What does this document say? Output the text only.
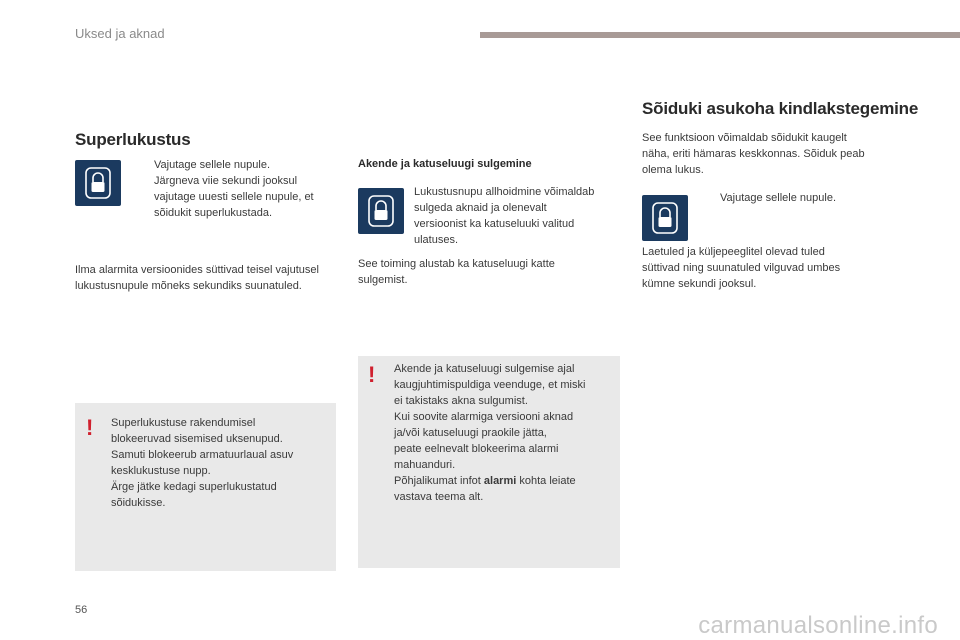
Uksed ja aknad
Superlukustus
Vajutage sellele nupule.
Järgneva viie sekundi jooksul vajutage uuesti sellele nupule, et sõidukit superlukustada.
Ilma alarmita versioonides süttivad teisel vajutusel lukustusnupule mõneks sekundiks suunatuled.
! Superlukustuse rakendumisel
blokeeruvad sisemised uksenupud.
Samuti blokeerub armatuurlaual asuv
kesklukustuse nupp.
Ärge jätke kedagi superlukustatud
sõidukisse.
Akende ja katuseluugi sulgemine
Lukustusnupu allhoidmine võimaldab
sulgeda aknaid ja olenevalt
versioonist ka katuseluuki valitud
ulatuses.
See toiming alustab ka katuseluugi katte
sulgemist.
! Akende ja katuseluugi sulgemise ajal
kaugjuhtimispuldiga veenduge, et miski
ei takistaks akna sulgumist.
Kui soovite alarmiga versiooni aknad
ja/või katuseluugi praokile jätta,
peate eelnevalt blokeerima alarmi
mahuanduri.
Põhjalikumat infot alarmi kohta leiate
vastava teema alt.
Sõiduki asukoha kindlakstegemine
See funktsioon võimaldab sõidukit kaugelt
näha, eriti hämaras keskkonnas. Sõiduk peab
olema lukus.
Vajutage sellele nupule.
Laetuled ja küljepeeglitel olevad tuled
süttivad ning suunatuled vilguvad umbes
kümne sekundi jooksul.
56
carmanualsonline.info
